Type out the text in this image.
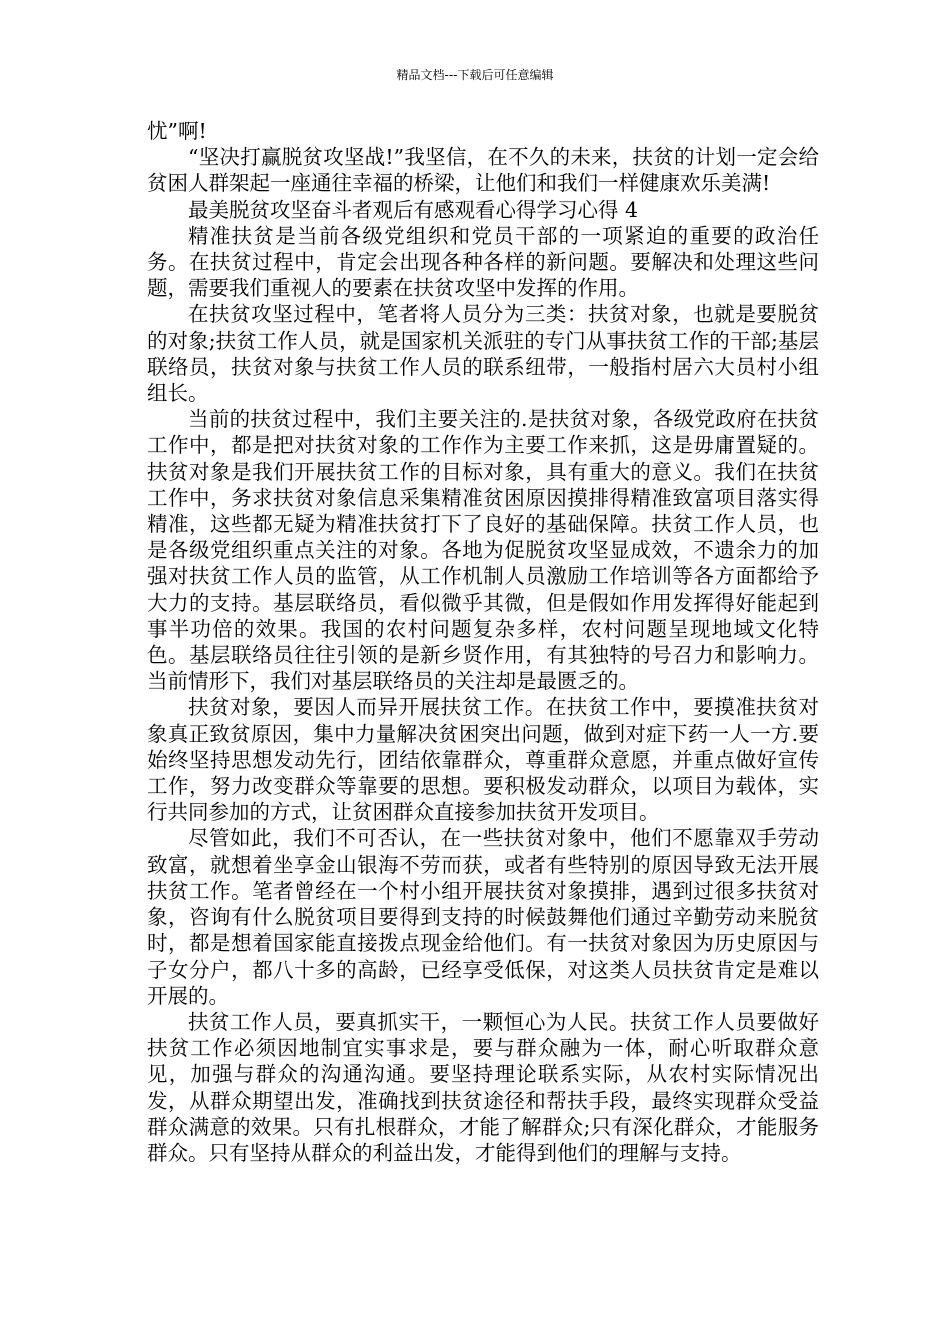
精品文档---下载后可任意编辑

忧”啊!

“坚决打赢脱贫攻坚战!”我坚信，在不久的未来，扶贫的计划一定会给贫困人群架起一座通往幸福的桥梁，让他们和我们一样健康欢乐美满!

最美脱贫攻坚奋斗者观后有感观看心得学习心得 4

精准扶贫是当前各级党组织和党员干部的一项紧迫的重要的政治任务。在扶贫过程中，肯定会出现各种各样的新问题。要解决和处理这些问题，需要我们重视人的要素在扶贫攻坚中发挥的作用。

在扶贫攻坚过程中，笔者将人员分为三类：扶贫对象，也就是要脱贫的对象;扶贫工作人员，就是国家机关派驻的专门从事扶贫工作的干部;基层联络员，扶贫对象与扶贫工作人员的联系纽带，一般指村居六大员村小组组长。

当前的扶贫过程中，我们主要关注的.是扶贫对象，各级党政府在扶贫工作中，都是把对扶贫对象的工作作为主要工作来抓，这是毋庸置疑的。扶贫对象是我们开展扶贫工作的目标对象，具有重大的意义。我们在扶贫工作中，务求扶贫对象信息采集精准贫困原因摸排得精准致富项目落实得精准，这些都无疑为精准扶贫打下了良好的基础保障。扶贫工作人员，也是各级党组织重点关注的对象。各地为促脱贫攻坚显成效，不遗余力的加强对扶贫工作人员的监管，从工作机制人员激励工作培训等各方面都给予大力的支持。基层联络员，看似微乎其微，但是假如作用发挥得好能起到事半功倍的效果。我国的农村问题复杂多样，农村问题呈现地域文化特色。基层联络员往往引领的是新乡贤作用，有其独特的号召力和影响力。当前情形下，我们对基层联络员的关注却是最匮乏的。

扶贫对象，要因人而异开展扶贫工作。在扶贫工作中，要摸准扶贫对象真正致贫原因，集中力量解决贫困突出问题，做到对症下药一人一方.要始终坚持思想发动先行，团结依靠群众，尊重群众意愿，并重点做好宣传工作，努力改变群众等靠要的思想。要积极发动群众，以项目为载体，实行共同参加的方式，让贫困群众直接参加扶贫开发项目。

尽管如此，我们不可否认，在一些扶贫对象中，他们不愿靠双手劳动致富，就想着坐享金山银海不劳而获，或者有些特别的原因导致无法开展扶贫工作。笔者曾经在一个村小组开展扶贫对象摸排，遇到过很多扶贫对象，咨询有什么脱贫项目要得到支持的时候鼓舞他们通过辛勤劳动来脱贫时，都是想着国家能直接拨点现金给他们。有一扶贫对象因为历史原因与子女分户，都八十多的高龄，已经享受低保，对这类人员扶贫肯定是难以开展的。

扶贫工作人员，要真抓实干，一颗恒心为人民。扶贫工作人员要做好扶贫工作必须因地制宜实事求是，要与群众融为一体，耐心听取群众意见，加强与群众的沟通沟通。要坚持理论联系实际，从农村实际情况出发，从群众期望出发，准确找到扶贫途径和帮扶手段，最终实现群众受益群众满意的效果。只有扎根群众，才能了解群众;只有深化群众，才能服务群众。只有坚持从群众的利益出发，才能得到他们的理解与支持。
